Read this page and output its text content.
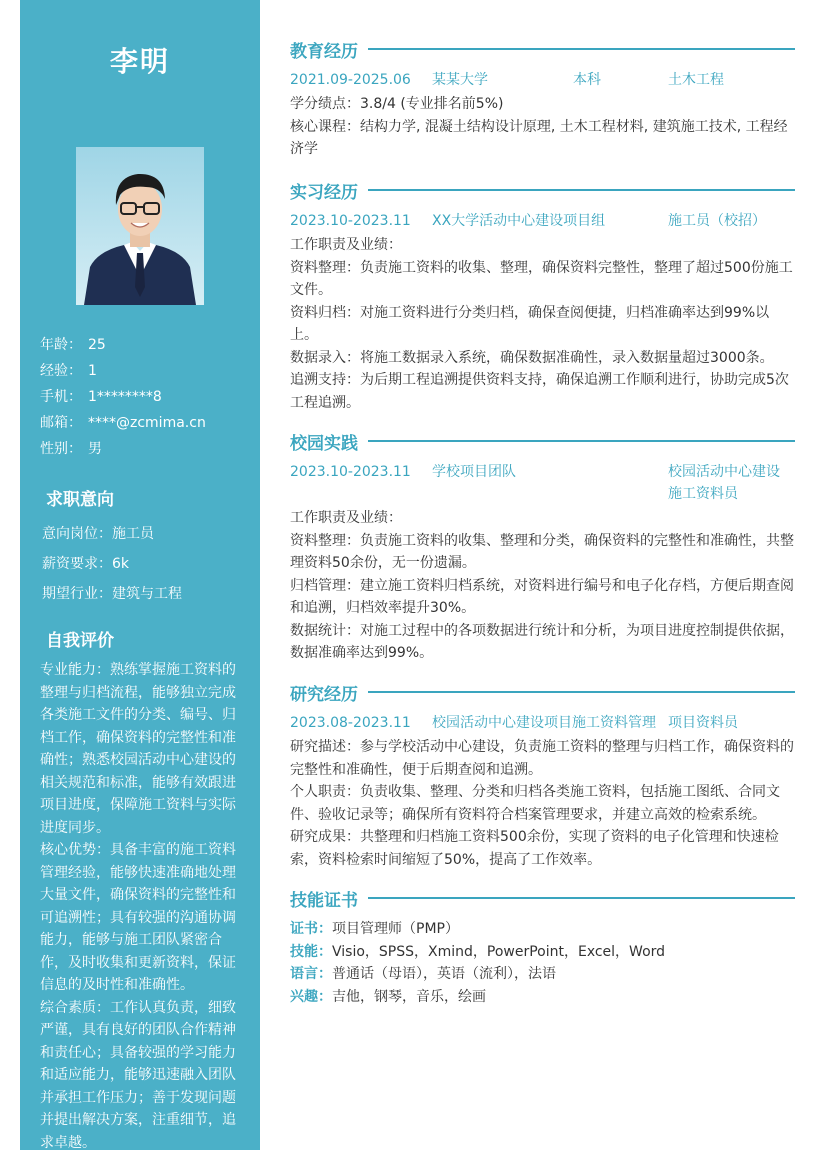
李明
年龄： 25
经验： 1
手机： 1********8
邮箱： ****@zcmima.cn
性别： 男
求职意向
意向岗位：施工员
薪资要求：6k
期望行业：建筑与工程
自我评价

专业能力：熟练掌握施工资料的整理与归档流程，能够独立完成各类施工文件的分类、编号、归档工作，确保资料的完整性和准确性；熟悉校园活动中心建设的相关规范和标准，能够有效跟进项目进度，保障施工资料与实际进度同步。

核心优势：具备丰富的施工资料管理经验，能够快速准确地处理大量文件，确保资料的完整性和可追溯性；具有较强的沟通协调能力，能够与施工团队紧密合作，及时收集和更新资料，保证信息的及时性和准确性。

综合素质：工作认真负责，细致严谨，具有良好的团队合作精神和责任心；具备较强的学习能力和适应能力，能够迅速融入团队并承担工作压力；善于发现问题并提出解决方案，注重细节，追求卓越。

教育经历
2021.09-2025.06 某某大学	本科	土木工程

学分绩点：3.8/4 (专业排名前5%)

核心课程：结构力学, 混凝土结构设计原理, 土木工程材料, 建筑施工技术, 工程经济学

实习经历
2023.10-2023.11 XX大学活动中心建设项目组	施工员（校招）

工作职责及业绩：

资料整理：负责施工资料的收集、整理，确保资料完整性，整理了超过500份施工文件。

资料归档：对施工资料进行分类归档，确保查阅便捷，归档准确率达到99%以上。

数据录入：将施工数据录入系统，确保数据准确性，录入数据量超过3000条。

追溯支持：为后期工程追溯提供资料支持，确保追溯工作顺利进行，协助完成5次工程追溯。

校园实践
2023.10-2023.11 学校项目团队	校园活动中心建设
施工资料员

工作职责及业绩：

资料整理：负责施工资料的收集、整理和分类，确保资料的完整性和准确性，共整理资料50余份，无一份遗漏。

归档管理：建立施工资料归档系统，对资料进行编号和电子化存档，方便后期查阅和追溯，归档效率提升30%。

数据统计：对施工过程中的各项数据进行统计和分析，为项目进度控制提供依据，数据准确率达到99%。

研究经历
2023.08-2023.11 校园活动中心建设项目施工资料管理 项目资料员

研究描述：参与学校活动中心建设，负责施工资料的整理与归档工作，确保资料的完整性和准确性，便于后期查阅和追溯。

个人职责：负责收集、整理、分类和归档各类施工资料，包括施工图纸、合同文件、验收记录等；确保所有资料符合档案管理要求，并建立高效的检索系统。

研究成果：共整理和归档施工资料500余份，实现了资料的电子化管理和快速检索，资料检索时间缩短了50%，提高了工作效率。

技能证书

证书：项目管理师（PMP）

技能：Visio，SPSS，Xmind，PowerPoint，Excel，Word

语言：普通话（母语），英语（流利），法语

兴趣：吉他，钢琴，音乐，绘画
